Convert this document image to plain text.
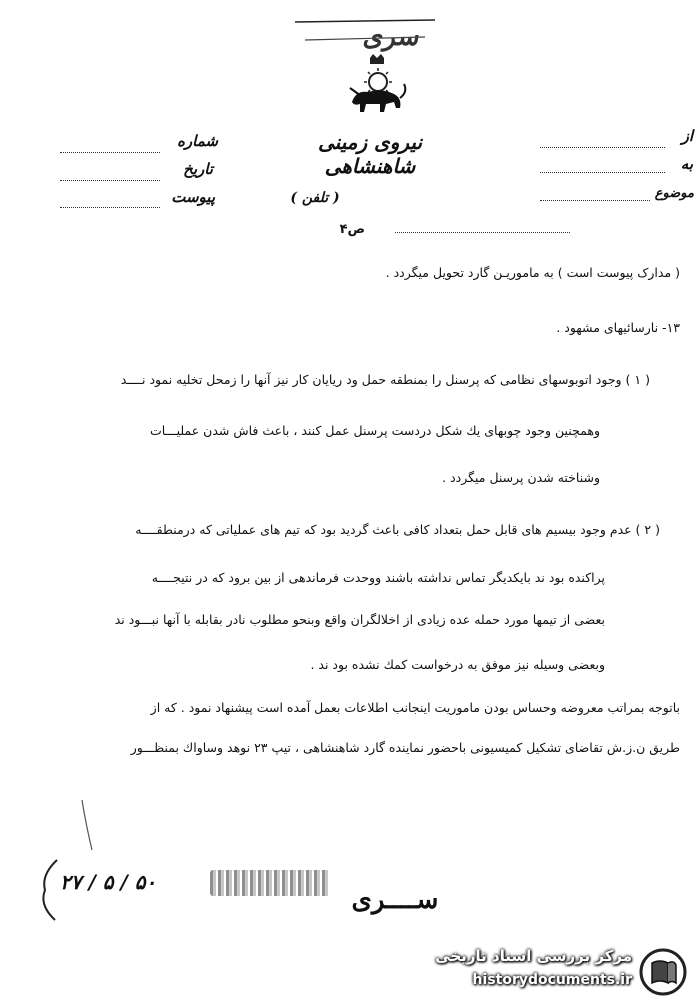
سری
نیروی زمینی شاهنشاهی
شماره
تاریخ
پیوست	( تلفن )
از
به
موضوع
ص۴
( مدارک پیوست است ) به ماموریـن گارد تحویل میگردد .
۱۳- نارسائیهای مشهود .
( ۱ ) وجود اتوبوسهای نظامی که پرسنل را بمنطقه حمل ود ریایان کار نیز آنها را زمحل تخلیه نمود نــــد
وهمچنین وجود چوبهای یك شكل دردست پرسنل عمل كنند ، باعث فاش شدن عملیـــات
وشناخته شدن پرسنل میگردد .
( ۲ ) عدم وجود بیسیم های قابل حمل بتعداد كافی باعث گردید بود كه تیم های عملیاتی كه درمنطقــــه
پراكنده بود ند بایكدیگر تماس نداشته باشند ووحدت فرماندهی از بین برود كه در نتیجــــه
بعضی از تیمها مورد حمله عده زیادی از اخلالگران واقع وبنحو مطلوب نادر بقابله با آنها نبـــود ند
وبعضی وسیله نیز موفق به درخواست كمك نشده بود ند .
باتوجه بمراتب معروضه وحساس بودن ماموریت اینجانب اطلاعات بعمل آمده است پیشنهاد نمود . كه از
طریق ن.ز.ش تقاضای تشكیل كمیسیونی باحضور نماینده گارد شاهنشاهی ، تیپ ۲۳ نوهد وساواك بمنظـــور
۲۷ / ۵ / ۵۰
ســــری
مرکز بررسی اسناد تاریخی
historydocuments.ir
